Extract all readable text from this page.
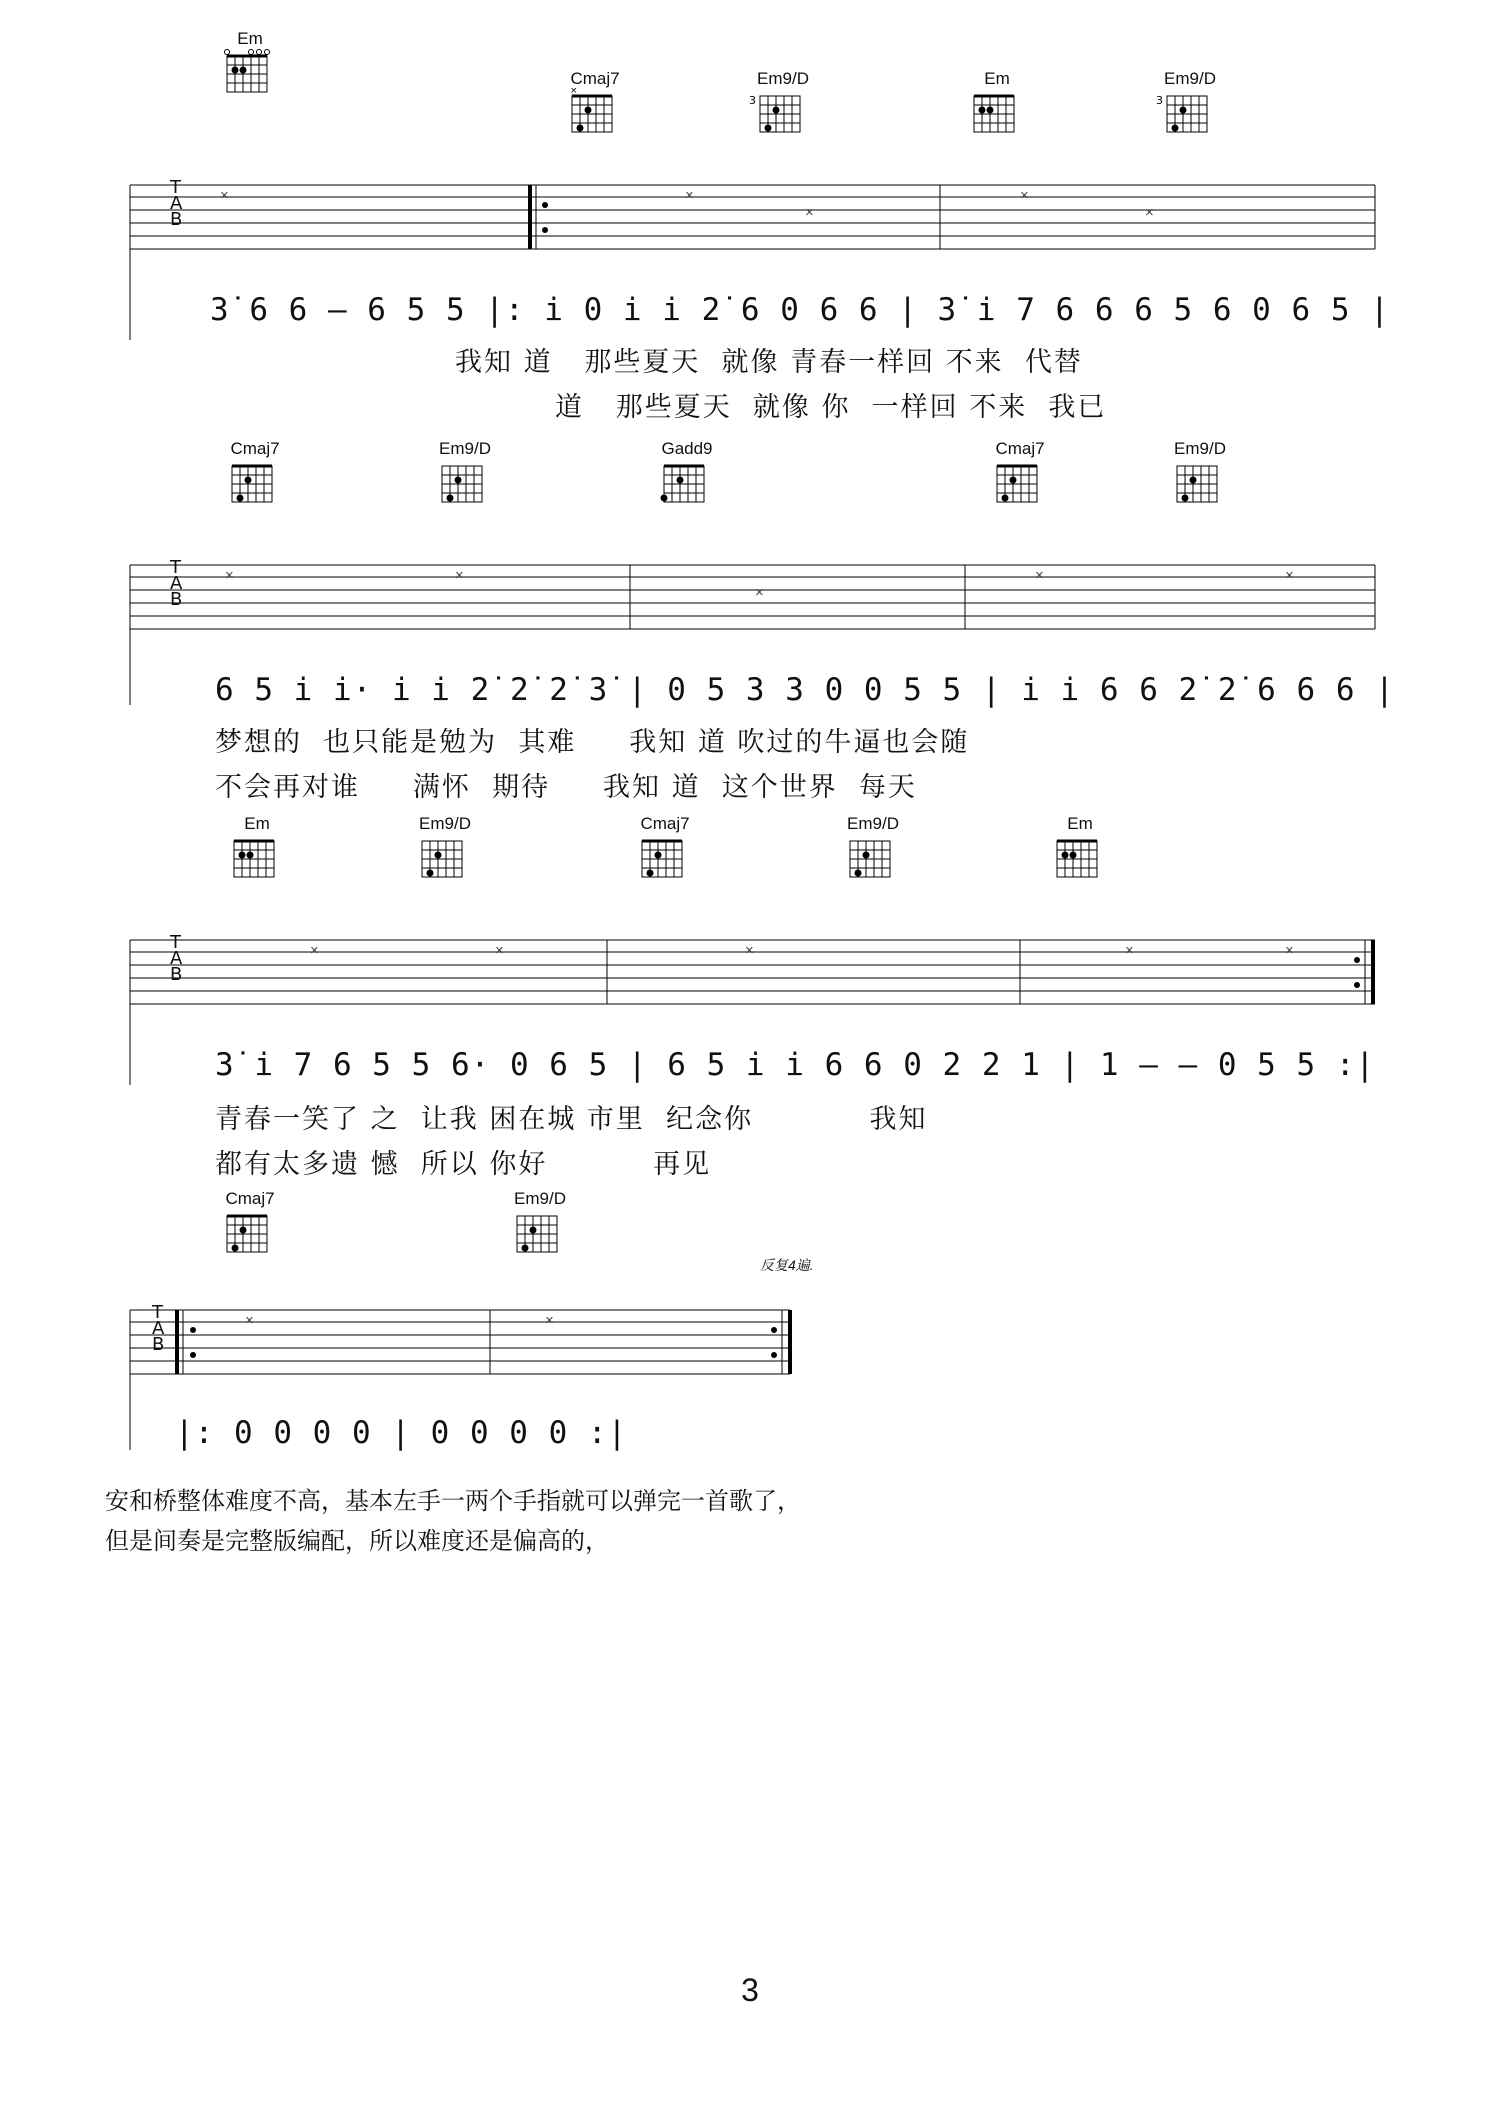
Em
Cmaj7
×
Em9/D
3
Em	Em9/D
3
×	×
×
×
×
T
A
B
3̇ 6 6 — 6 5 5 |: i 0 i i 2̇ 6 0 6 6 | 3̇ i 7 6 6 6 5 6 0 6 5 |
我知 道   那些夏天  就像 青春一样回 不来  代替
道   那些夏天  就像 你  一样回 不来  我已
Cmaj7	Em9/D	Gadd9	Cmaj7	Em9/D
×	×
×
×	×
T
A
B
6 5 i i· i i 2̇ 2̇ 2̇ 3̇ | 0 5 3 3 0 0 5 5 | i i 6 6 2̇ 2̇ 6 6 6 |
梦想的  也只能是勉为  其难     我知 道 吹过的牛逼也会随
不会再对谁     满怀  期待     我知 道  这个世界  每天
Em	Em9/D	Cmaj7	Em9/D	Em
×	×	×	×	×
T
A
B
3̇ i 7 6 5 5 6· 0 6 5 | 6 5 i i 6 6 0 2 2 1 | 1 — — 0 5 5 :|
青春一笑了 之  让我 困在城 市里  纪念你           我知
都有太多遗 憾  所以 你好          再见
Cmaj7	Em9/D
反复4遍.
×	×
T
A
B
|: 0 0 0 0 | 0 0 0 0 :|
安和桥整体难度不高，基本左手一两个手指就可以弹完一首歌了，
但是间奏是完整版编配，所以难度还是偏高的，
3
